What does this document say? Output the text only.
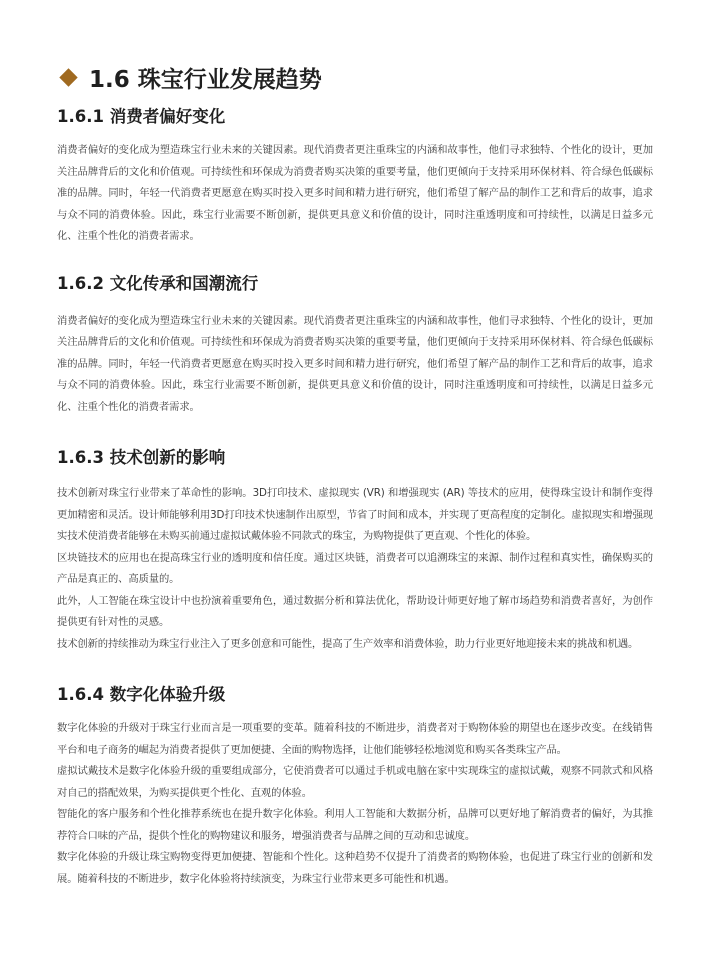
1.6 珠宝行业发展趋势
1.6.1 消费者偏好变化

消费者偏好的变化成为塑造珠宝行业未来的关键因素。现代消费者更注重珠宝的内涵和故事性，他们寻求独特、个性化的设计，更加关注品牌背后的文化和价值观。可持续性和环保成为消费者购买决策的重要考量，他们更倾向于支持采用环保材料、符合绿色低碳标准的品牌。同时，年轻一代消费者更愿意在购买时投入更多时间和精力进行研究，他们希望了解产品的制作工艺和背后的故事，追求与众不同的消费体验。因此，珠宝行业需要不断创新，提供更具意义和价值的设计，同时注重透明度和可持续性，以满足日益多元化、注重个性化的消费者需求。

1.6.2 文化传承和国潮流行

消费者偏好的变化成为塑造珠宝行业未来的关键因素。现代消费者更注重珠宝的内涵和故事性，他们寻求独特、个性化的设计，更加关注品牌背后的文化和价值观。可持续性和环保成为消费者购买决策的重要考量，他们更倾向于支持采用环保材料、符合绿色低碳标准的品牌。同时，年轻一代消费者更愿意在购买时投入更多时间和精力进行研究，他们希望了解产品的制作工艺和背后的故事，追求与众不同的消费体验。因此，珠宝行业需要不断创新，提供更具意义和价值的设计，同时注重透明度和可持续性，以满足日益多元化、注重个性化的消费者需求。

1.6.3 技术创新的影响

技术创新对珠宝行业带来了革命性的影响。3D打印技术、虚拟现实 (VR) 和增强现实 (AR) 等技术的应用，使得珠宝设计和制作变得更加精密和灵活。设计师能够利用3D打印技术快速制作出原型，节省了时间和成本，并实现了更高程度的定制化。虚拟现实和增强现实技术使消费者能够在未购买前通过虚拟试戴体验不同款式的珠宝，为购物提供了更直观、个性化的体验。

区块链技术的应用也在提高珠宝行业的透明度和信任度。通过区块链，消费者可以追溯珠宝的来源、制作过程和真实性，确保购买的产品是真正的、高质量的。

此外，人工智能在珠宝设计中也扮演着重要角色，通过数据分析和算法优化，帮助设计师更好地了解市场趋势和消费者喜好，为创作提供更有针对性的灵感。

技术创新的持续推动为珠宝行业注入了更多创意和可能性，提高了生产效率和消费体验，助力行业更好地迎接未来的挑战和机遇。

1.6.4 数字化体验升级

数字化体验的升级对于珠宝行业而言是一项重要的变革。随着科技的不断进步，消费者对于购物体验的期望也在逐步改变。在线销售平台和电子商务的崛起为消费者提供了更加便捷、全面的购物选择，让他们能够轻松地浏览和购买各类珠宝产品。

虚拟试戴技术是数字化体验升级的重要组成部分，它使消费者可以通过手机或电脑在家中实现珠宝的虚拟试戴，观察不同款式和风格对自己的搭配效果，为购买提供更个性化、直观的体验。

智能化的客户服务和个性化推荐系统也在提升数字化体验。利用人工智能和大数据分析，品牌可以更好地了解消费者的偏好，为其推荐符合口味的产品，提供个性化的购物建议和服务，增强消费者与品牌之间的互动和忠诚度。

数字化体验的升级让珠宝购物变得更加便捷、智能和个性化。这种趋势不仅提升了消费者的购物体验，也促进了珠宝行业的创新和发展。随着科技的不断进步，数字化体验将持续演变，为珠宝行业带来更多可能性和机遇。
